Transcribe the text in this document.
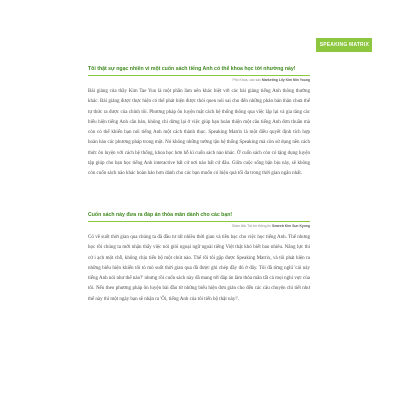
SPEAKING MATRIX
Tôi thật sự ngạc nhiên vì một cuốn sách tiếng Anh có thể khoa học tới nhường này!
Phó Khoa, các sáo Marketing Lily Kim Min Young

Bài giảng của thầy Kim Tae Yun là một phần làm nên khác biệt với các bài giảng tiếng Anh thông thường khác. Bài giảng được thực hiện có thể phát hiện được thói quen nói sai cho đến những phản bản thân chưa thể tự thức ra được của chính tôi. Phương pháp ôn luyện mặt cách hệ thống thông qua việc lặp lại và gia tăng các biểu hiện tiếng Anh căn bản, không chỉ dừng lại ở việc giúp bạn hoàn thiện một câu tiếng Anh đơn thuần mà còn có thể khiến bạn nói tiếng Anh một cách thành thục. Speaking Matrix là một điều quyết định tích hợp hoàn hảo các phương pháp trong một. Nó không những tường tận hệ thống Speaking mà còn sử dụng nền cách thức ôn luyện với cách hệ thống, khoa học hơn hỗ kì cuốn sách nào khác. Ở cuốn sách còn có tặng dụng luyện tập giúp cho bạn học tiếng Anh interactive bất cứ nơi nào bất cứ đâu. Giữa cuộc sống bận bịu này, sẽ không còn cuốn sách nào khác hoàn hảo hơn dành cho các bạn muốn có hiệu quả tối đa trong thời gian ngắn nhất.

Cuốn sách này đưa ra đáp án thỏa mãn dành cho các bạn!
Giám đốc Tài trờ thông tin Seaeeb Kim Sun Kyong

Có về suốt thời gian qua chúng ta đã đầu tư rất nhiều thời gian và tiền bạc cho việc học tiếng Anh. Thế nhưng học rồi chúng ta mới nhận thấy việc nói giỏi ngoại ngữ ngoài tiếng Việt thật khó biết bao nhiêu. Năng lực thì cứ i ạch một chỗ, không chịu tiến bộ một chút nào. Thế rồi tôi gặp được Speaking Matrix, và tôi phát hiện ra những biểu hiện khiến tôi tò mò suốt thời gian qua đã được ghi chép đầy đủ ở đây. Tôi đã từng nghĩ 'cái này tiếng Anh nói như thế nào?' nhưng rồi cuốn sách này đã mang tới đáp án làm thỏa mãn tất cả mọi nghi vực của tôi. Nếu theo phương pháp ôn luyện bài đầu từ những biểu hiện đơn giản cho đến các câu chuyện chi tiết như thế này thì một ngày bạn sẽ nhận ra 'Ôi, tiếng Anh của tôi tiến bộ thật này!'.
